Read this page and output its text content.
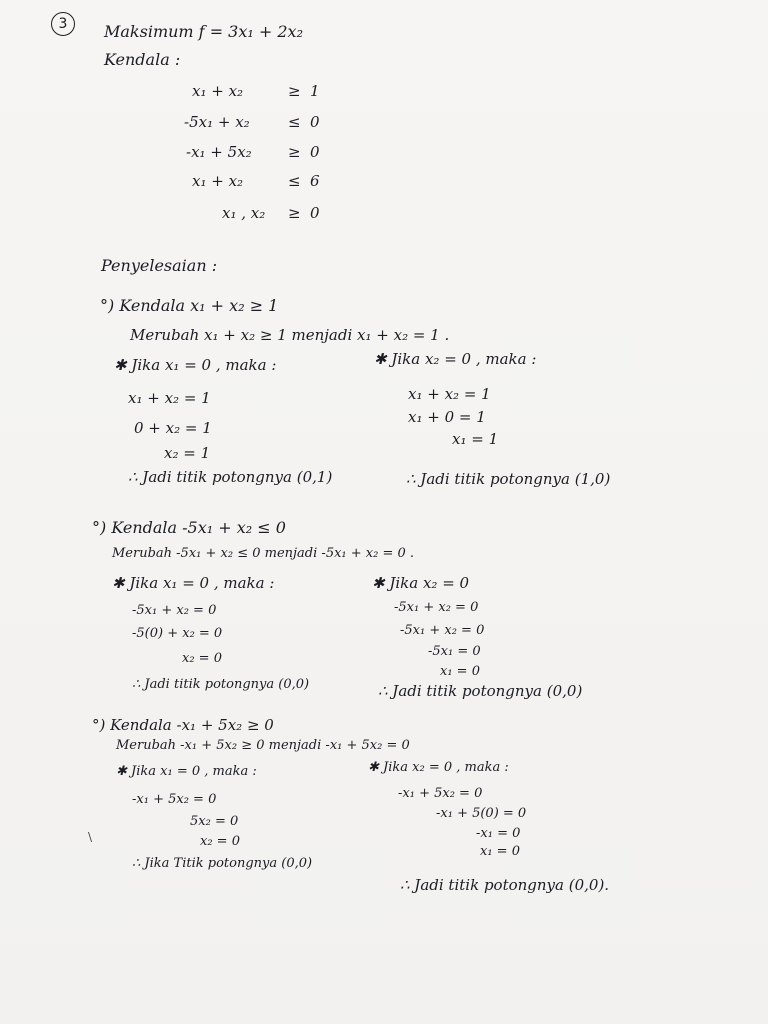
3	Maksimum f = 3x₁ + 2x₂
Kendala :
x₁ + x₂	≥ 1
-5x₁ + x₂	≤ 0
-x₁ + 5x₂ ≥ 0
x₁ + x₂	≤ 6
x₁ , x₂ ≥ 0
Penyelesaian :
°) Kendala x₁ + x₂ ≥ 1
Merubah x₁ + x₂ ≥ 1 menjadi x₁ + x₂ = 1 .
✱ Jika x₁ = 0 , maka :
x₁ + x₂ = 1
0 + x₂ = 1
x₂ = 1
∴ Jadi titik potongnya (0,1)
✱ Jika x₂ = 0 , maka :
x₁ + x₂ = 1
x₁ + 0 = 1
x₁ = 1
∴ Jadi titik potongnya (1,0)
°) Kendala -5x₁ + x₂ ≤ 0
Merubah -5x₁ + x₂ ≤ 0 menjadi -5x₁ + x₂ = 0 .
✱ Jika x₁ = 0 , maka :
-5x₁ + x₂ = 0
-5(0) + x₂ = 0
x₂ = 0
∴ Jadi titik potongnya (0,0)
✱ Jika x₂ = 0
-5x₁ + x₂ = 0
-5x₁ + x₂ = 0
-5x₁ = 0
x₁ = 0
∴ Jadi titik potongnya (0,0)
°) Kendala -x₁ + 5x₂ ≥ 0
Merubah -x₁ + 5x₂ ≥ 0 menjadi -x₁ + 5x₂ = 0
✱ Jika x₁ = 0 , maka :
-x₁ + 5x₂ = 0
5x₂ = 0
x₂ = 0
∴ Jika Titik potongnya (0,0)
✱ Jika x₂ = 0 , maka :
-x₁ + 5x₂ = 0
-x₁ + 5(0) = 0
-x₁ = 0
x₁ = 0
∴ Jadi titik potongnya (0,0).
\
